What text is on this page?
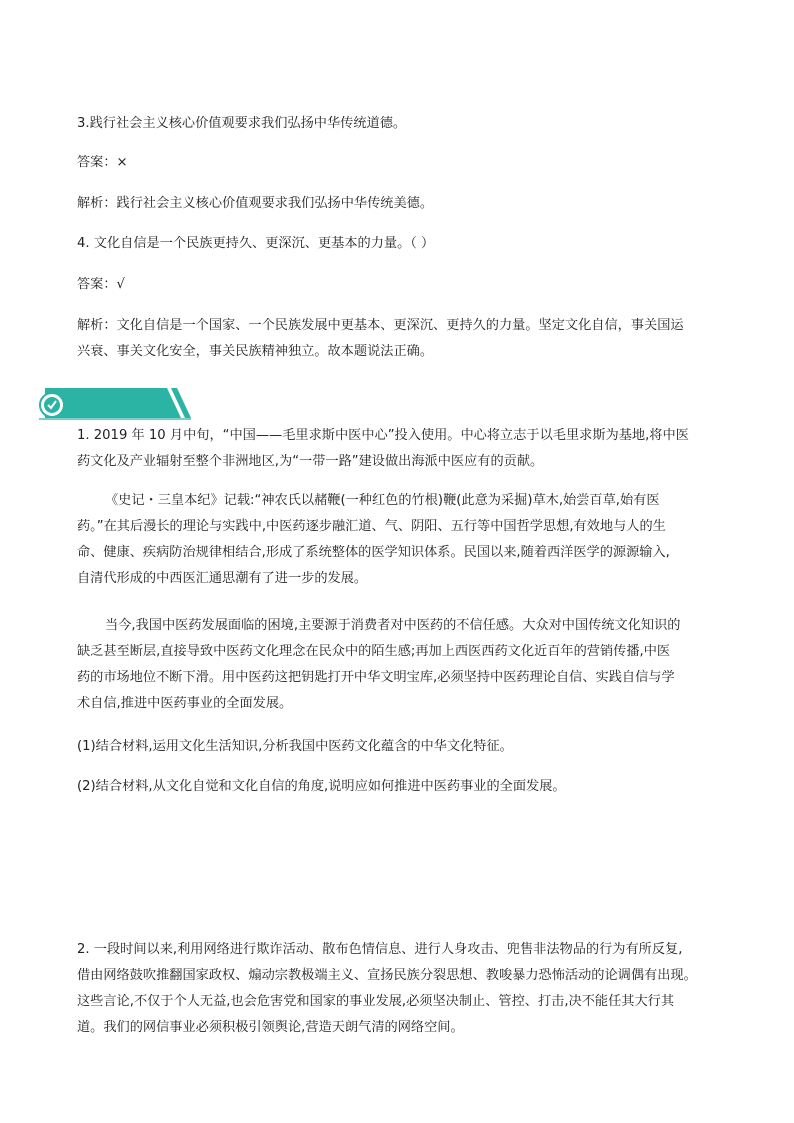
3.践行社会主义核心价值观要求我们弘扬中华传统道德。

答案：×

解析：践行社会主义核心价值观要求我们弘扬中华传统美德。

4. 文化自信是一个民族更持久、更深沉、更基本的力量。（ ）

答案：√

解析：文化自信是一个国家、一个民族发展中更基本、更深沉、更持久的力量。坚定文化自信，事关国运
兴衰、事关文化安全，事关民族精神独立。故本题说法正确。
1. 2019 年 10 月中旬，“中国——毛里求斯中医中心”投入使用。中心将立志于以毛里求斯为基地,将中医
药文化及产业辐射至整个非洲地区,为“一带一路”建设做出海派中医应有的贡献。
《史记・三皇本纪》记载:“神农氏以赭鞭(一种红色的竹根)鞭(此意为采掘)草木,始尝百草,始有医
药。”在其后漫长的理论与实践中,中医药逐步融汇道、气、阴阳、五行等中国哲学思想,有效地与人的生
命、健康、疾病防治规律相结合,形成了系统整体的医学知识体系。民国以来,随着西洋医学的源源输入,
自清代形成的中西医汇通思潮有了进一步的发展。
当今,我国中医药发展面临的困境,主要源于消费者对中医药的不信任感。大众对中国传统文化知识的
缺乏甚至断层,直接导致中医药文化理念在民众中的陌生感;再加上西医西药文化近百年的营销传播,中医
药的市场地位不断下滑。用中医药这把钥匙打开中华文明宝库,必须坚持中医药理论自信、实践自信与学
术自信,推进中医药事业的全面发展。

(1)结合材料,运用文化生活知识,分析我国中医药文化蕴含的中华文化特征。

(2)结合材料,从文化自觉和文化自信的角度,说明应如何推进中医药事业的全面发展。

2. 一段时间以来,利用网络进行欺诈活动、散布色情信息、进行人身攻击、兜售非法物品的行为有所反复,
借由网络鼓吹推翻国家政权、煽动宗教极端主义、宣扬民族分裂思想、教唆暴力恐怖活动的论调偶有出现。
这些言论,不仅于个人无益,也会危害党和国家的事业发展,必须坚决制止、管控、打击,决不能任其大行其
道。我们的网信事业必须积极引领舆论,营造天朗气清的网络空间。
